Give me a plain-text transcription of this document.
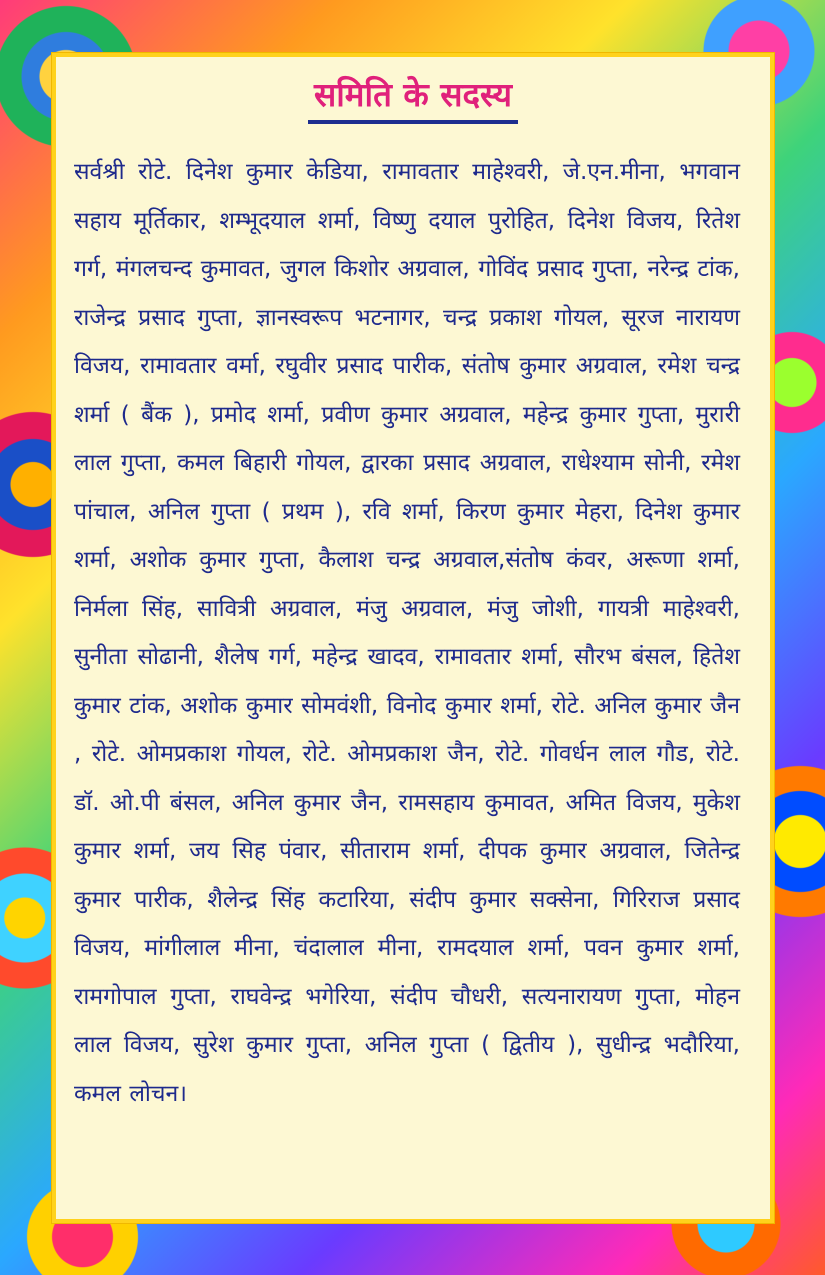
समिति के सदस्य

सर्वश्री रोटे. दिनेश कुमार केडिया, रामावतार माहेश्वरी, जे.एन.मीना, भगवान सहाय मूर्तिकार, शम्भूदयाल शर्मा, विष्णु दयाल पुरोहित, दिनेश विजय, रितेश गर्ग, मंगलचन्द कुमावत, जुगल किशोर अग्रवाल, गोविंद प्रसाद गुप्ता, नरेन्द्र टांक, राजेन्द्र प्रसाद गुप्ता, ज्ञानस्वरूप भटनागर, चन्द्र प्रकाश गोयल, सूरज नारायण विजय, रामावतार वर्मा, रघुवीर प्रसाद पारीक, संतोष कुमार अग्रवाल, रमेश चन्द्र शर्मा ( बैंक ), प्रमोद शर्मा, प्रवीण कुमार अग्रवाल, महेन्द्र कुमार गुप्ता, मुरारी लाल गुप्ता, कमल बिहारी गोयल, द्वारका प्रसाद अग्रवाल, राधेश्याम सोनी, रमेश पांचाल, अनिल गुप्ता ( प्रथम ), रवि शर्मा, किरण कुमार मेहरा, दिनेश कुमार शर्मा, अशोक कुमार गुप्ता, कैलाश चन्द्र अग्रवाल,संतोष कंवर, अरूणा शर्मा, निर्मला सिंह, सावित्री अग्रवाल, मंजु अग्रवाल, मंजु जोशी, गायत्री माहेश्वरी, सुनीता सोढानी, शैलेष गर्ग, महेन्द्र खादव, रामावतार शर्मा, सौरभ बंसल, हितेश कुमार टांक, अशोक कुमार सोमवंशी, विनोद कुमार शर्मा, रोटे. अनिल कुमार जैन , रोटे. ओमप्रकाश गोयल, रोटे. ओमप्रकाश जैन, रोटे. गोवर्धन लाल गौड, रोटे. डॉ. ओ.पी बंसल, अनिल कुमार जैन, रामसहाय कुमावत, अमित विजय, मुकेश कुमार शर्मा, जय सिह पंवार, सीताराम शर्मा, दीपक कुमार अग्रवाल, जितेन्द्र कुमार पारीक, शैलेन्द्र सिंह कटारिया, संदीप कुमार सक्सेना, गिरिराज प्रसाद विजय, मांगीलाल मीना, चंदालाल मीना, रामदयाल शर्मा, पवन कुमार शर्मा, रामगोपाल गुप्ता, राघवेन्द्र भगेरिया, संदीप चौधरी, सत्यनारायण गुप्ता, मोहन लाल विजय, सुरेश कुमार गुप्ता, अनिल गुप्ता ( द्वितीय ), सुधीन्द्र भदौरिया, कमल लोचन।
